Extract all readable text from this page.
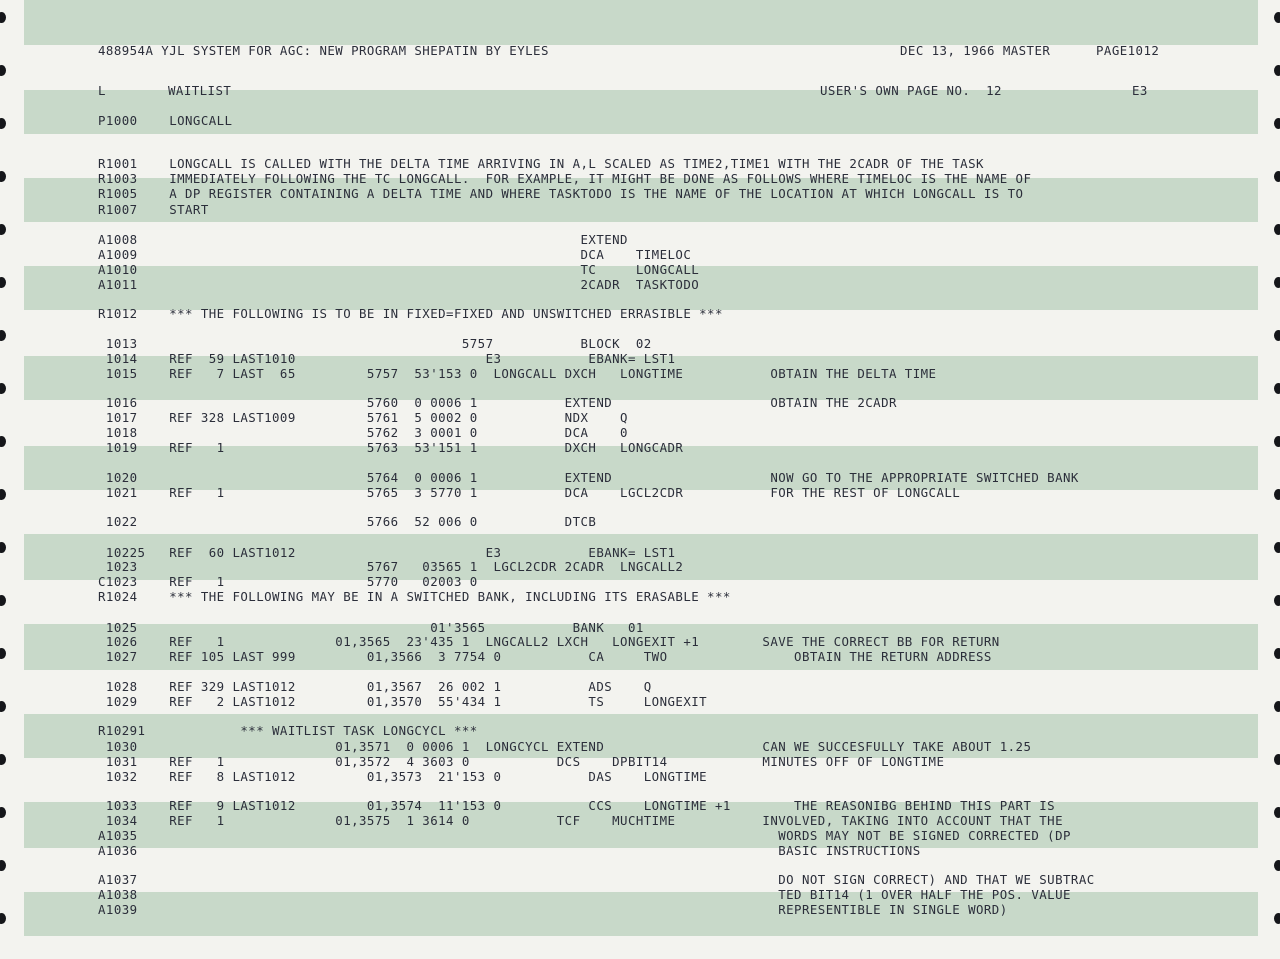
488954A YJL SYSTEM FOR AGC: NEW PROGRAM SHEPATIN BY EYLES	DEC 13, 1966 MASTER	PAGE1012
L	WAITLIST	USER'S OWN PAGE NO.  12	E3
P1000    LONGCALL
R1001    LONGCALL IS CALLED WITH THE DELTA TIME ARRIVING IN A,L SCALED AS TIME2,TIME1 WITH THE 2CADR OF THE TASK
R1003    IMMEDIATELY FOLLOWING THE TC LONGCALL.  FOR EXAMPLE, IT MIGHT BE DONE AS FOLLOWS WHERE TIMELOC IS THE NAME OF
R1005    A DP REGISTER CONTAINING A DELTA TIME AND WHERE TASKTODO IS THE NAME OF THE LOCATION AT WHICH LONGCALL IS TO
R1007    START
A1008                                                        EXTEND
A1009                                                        DCA    TIMELOC
A1010                                                        TC     LONGCALL
A1011                                                        2CADR  TASKTODO
R1012    *** THE FOLLOWING IS TO BE IN FIXED=FIXED AND UNSWITCHED ERRASIBLE ***
1013                                         5757           BLOCK  02
1014    REF  59 LAST1010                        E3           EBANK= LST1
1015    REF   7 LAST  65         5757  53'153 0  LONGCALL DXCH   LONGTIME           OBTAIN THE DELTA TIME
1016                             5760  0 0006 1           EXTEND                    OBTAIN THE 2CADR
1017    REF 328 LAST1009         5761  5 0002 0           NDX    Q
1018                             5762  3 0001 0           DCA    0
1019    REF   1                  5763  53'151 1           DXCH   LONGCADR
1020                             5764  0 0006 1           EXTEND                    NOW GO TO THE APPROPRIATE SWITCHED BANK
1021    REF   1                  5765  3 5770 1           DCA    LGCL2CDR           FOR THE REST OF LONGCALL
1022                             5766  52 006 0           DTCB
10225   REF  60 LAST1012                        E3           EBANK= LST1
1023                             5767   03565 1  LGCL2CDR 2CADR  LNGCALL2
C1023    REF   1                  5770   02003 0
R1024    *** THE FOLLOWING MAY BE IN A SWITCHED BANK, INCLUDING ITS ERASABLE ***
1025                                     01'3565           BANK   01
1026    REF   1              01,3565  23'435 1  LNGCALL2 LXCH   LONGEXIT +1        SAVE THE CORRECT BB FOR RETURN
1027    REF 105 LAST 999         01,3566  3 7754 0           CA     TWO                OBTAIN THE RETURN ADDRESS
1028    REF 329 LAST1012         01,3567  26 002 1           ADS    Q
1029    REF   2 LAST1012         01,3570  55'434 1           TS     LONGEXIT
R10291            *** WAITLIST TASK LONGCYCL ***
1030                         01,3571  0 0006 1  LONGCYCL EXTEND                    CAN WE SUCCESFULLY TAKE ABOUT 1.25
1031    REF   1              01,3572  4 3603 0           DCS    DPBIT14            MINUTES OFF OF LONGTIME
1032    REF   8 LAST1012         01,3573  21'153 0           DAS    LONGTIME
1033    REF   9 LAST1012         01,3574  11'153 0           CCS    LONGTIME +1        THE REASONIBG BEHIND THIS PART IS
1034    REF   1              01,3575  1 3614 0           TCF    MUCHTIME           INVOLVED, TAKING INTO ACCOUNT THAT THE
A1035                                                                                 WORDS MAY NOT BE SIGNED CORRECTED (DP
A1036                                                                                 BASIC INSTRUCTIONS
A1037                                                                                 DO NOT SIGN CORRECT) AND THAT WE SUBTRAC
A1038                                                                                 TED BIT14 (1 OVER HALF THE POS. VALUE
A1039                                                                                 REPRESENTIBLE IN SINGLE WORD)
